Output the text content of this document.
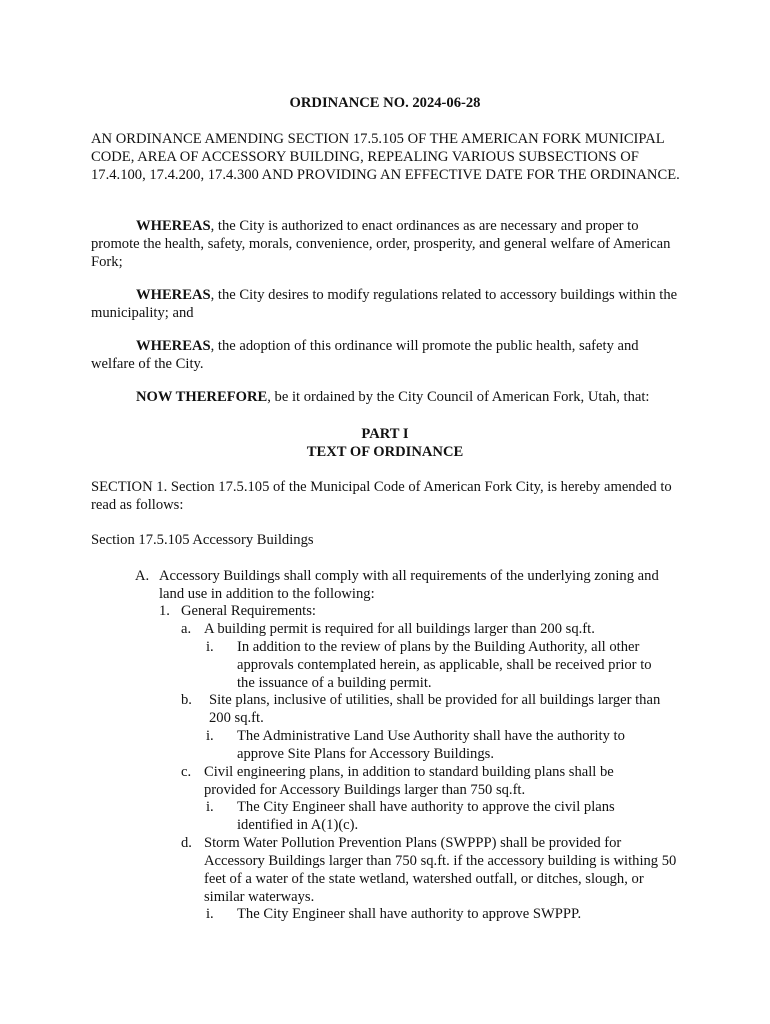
ORDINANCE NO. 2024-06-28

AN ORDINANCE AMENDING SECTION 17.5.105 OF THE AMERICAN FORK MUNICIPAL CODE, AREA OF ACCESSORY BUILDING, REPEALING VARIOUS SUBSECTIONS OF 17.4.100, 17.4.200, 17.4.300 AND PROVIDING AN EFFECTIVE DATE FOR THE ORDINANCE.

WHEREAS, the City is authorized to enact ordinances as are necessary and proper to promote the health, safety, morals, convenience, order, prosperity, and general welfare of American Fork;

WHEREAS, the City desires to modify regulations related to accessory buildings within the municipality; and

WHEREAS, the adoption of this ordinance will promote the public health, safety and welfare of the City.

NOW THEREFORE, be it ordained by the City Council of American Fork, Utah, that:

PART I
TEXT OF ORDINANCE

SECTION 1. Section 17.5.105 of the Municipal Code of American Fork City, is hereby amended to read as follows:

Section 17.5.105 Accessory Buildings

A. Accessory Buildings shall comply with all requirements of the underlying zoning and land use in addition to the following:
1. General Requirements:
a. A building permit is required for all buildings larger than 200 sq.ft.
i.	In addition to the review of plans by the Building Authority, all other approvals contemplated herein, as applicable, shall be received prior to the issuance of a building permit.
b.	Site plans, inclusive of utilities, shall be provided for all buildings larger than 200 sq.ft.
i.	The Administrative Land Use Authority shall have the authority to approve Site Plans for Accessory Buildings.
c. Civil engineering plans, in addition to standard building plans shall be provided for Accessory Buildings larger than 750 sq.ft.
i.	The City Engineer shall have authority to approve the civil plans identified in A(1)(c).
d. Storm Water Pollution Prevention Plans (SWPPP) shall be provided for Accessory Buildings larger than 750 sq.ft. if the accessory building is withing 50 feet of a water of the state wetland, watershed outfall, or ditches, slough, or similar waterways.
i.	The City Engineer shall have authority to approve SWPPP.
